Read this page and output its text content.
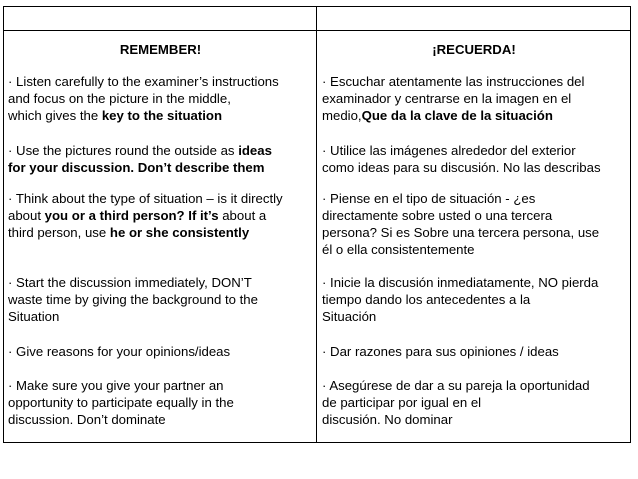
REMEMBER!
· Listen carefully to the examiner’s instructions
and focus on the picture in the middle,
which gives the key to the situation
· Use the pictures round the outside as ideas
for your discussion. Don’t describe them
· Think about the type of situation – is it directly
about you or a third person? If it’s about a
third person, use he or she consistently
· Start the discussion immediately, DON’T
waste time by giving the background to the
Situation
· Give reasons for your opinions/ideas
· Make sure you give your partner an
opportunity to participate equally in the
discussion. Don’t dominate
¡RECUERDA!
· Escuchar atentamente las instrucciones del
examinador y centrarse en la imagen en el
medio,Que da la clave de la situación
· Utilice las imágenes alrededor del exterior
como ideas para su discusión. No las describas
· Piense en el tipo de situación - ¿es
directamente sobre usted o una tercera
persona? Si es Sobre una tercera persona, use
él o ella consistentemente
· Inicie la discusión inmediatamente, NO pierda
tiempo dando los antecedentes a la
Situación
· Dar razones para sus opiniones / ideas
· Asegúrese de dar a su pareja la oportunidad
de participar por igual en el
discusión. No dominar
